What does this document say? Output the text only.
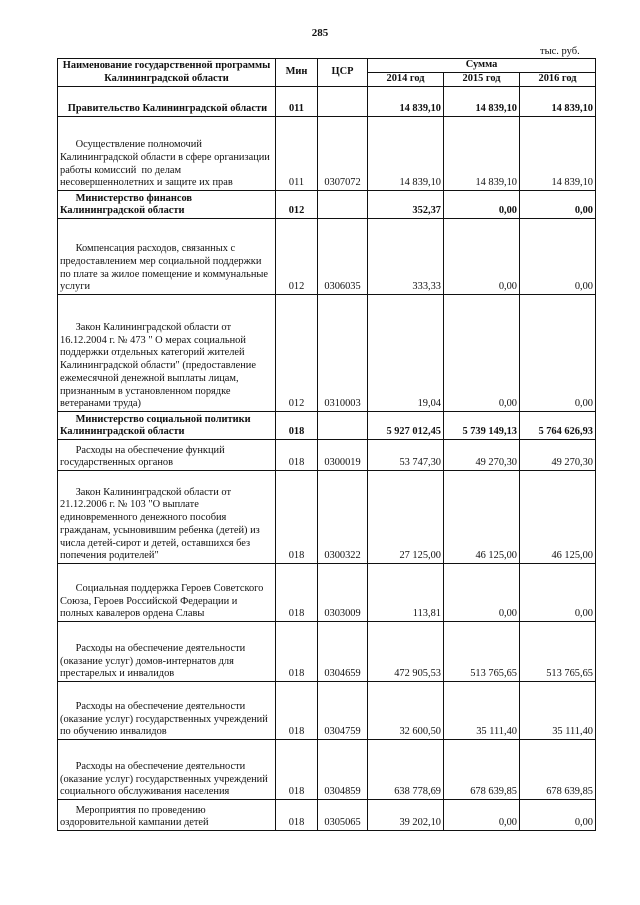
285
тыс. руб.
Наименование государственной программы Калининградской области	Мин	ЦСР	Сумма		
			2014 год	2015 год	2016 год
Правительство Калининградской области	011		14 839,10	14 839,10	14 839,10
Осуществление полномочий Калининградской области в сфере организации работы комиссий  по делам несовершеннолетних и защите их прав	011	0307072	14 839,10	14 839,10	14 839,10
Министерство финансов Калининградской области	012		352,37	0,00	0,00
Компенсация расходов, связанных с предоставлением мер социальной поддержки по плате за жилое помещение и коммунальные услуги	012	0306035	333,33	0,00	0,00
Закон Калининградской области от 16.12.2004 г. № 473 " О мерах социальной поддержки отдельных категорий жителей Калининградской области" (предоставление ежемесячной денежной выплаты лицам, признанным в установленном порядке ветеранами труда)	012	0310003	19,04	0,00	0,00
Министерство социальной политики Калининградской области	018		5 927 012,45	5 739 149,13	5 764 626,93
Расходы на обеспечение функций государственных органов	018	0300019	53 747,30	49 270,30	49 270,30
Закон Калининградской области от 21.12.2006 г. № 103 "О выплате единовременного денежного пособия гражданам, усыновившим ребенка (детей) из числа детей-сирот и детей, оставшихся без попечения родителей"	018	0300322	27 125,00	46 125,00	46 125,00
Социальная поддержка Героев Советского Союза, Героев Российской Федерации и полных кавалеров ордена Славы	018	0303009	113,81	0,00	0,00
Расходы на обеспечение деятельности (оказание услуг) домов-интернатов для престарелых и инвалидов	018	0304659	472 905,53	513 765,65	513 765,65
Расходы на обеспечение деятельности (оказание услуг) государственных учреждений по обучению инвалидов	018	0304759	32 600,50	35 111,40	35 111,40
Расходы на обеспечение деятельности (оказание услуг) государственных учреждений социального обслуживания населения	018	0304859	638 778,69	678 639,85	678 639,85
Мероприятия по проведению оздоровительной кампании детей	018	0305065	39 202,10	0,00	0,00
